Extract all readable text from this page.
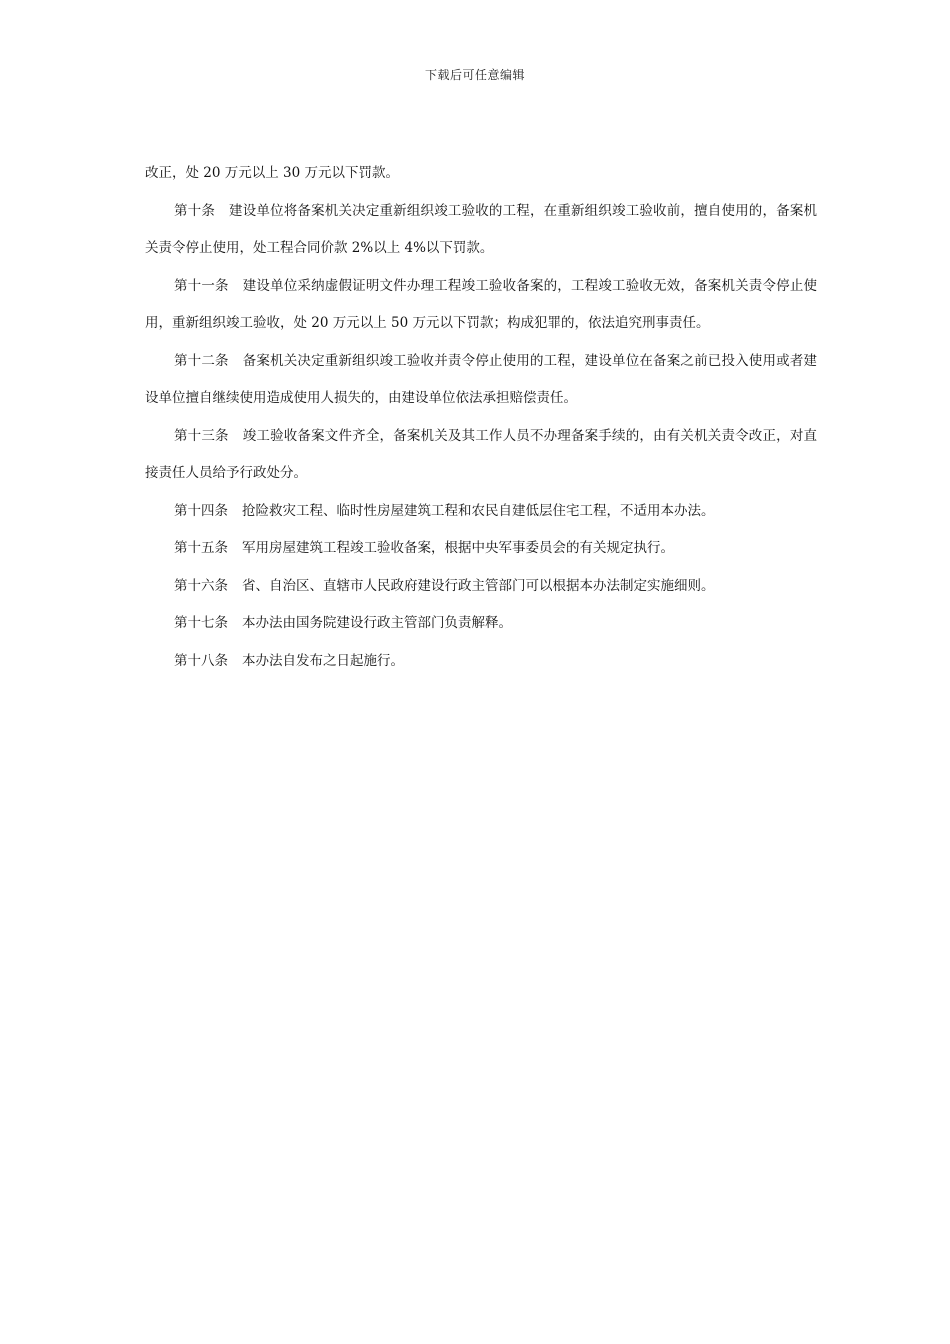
下载后可任意编辑

改正，处 20 万元以上 30 万元以下罚款。

第十条 建设单位将备案机关决定重新组织竣工验收的工程，在重新组织竣工验收前，擅自使用的，备案机关责令停止使用，处工程合同价款 2%以上 4%以下罚款。

第十一条 建设单位采纳虚假证明文件办理工程竣工验收备案的，工程竣工验收无效，备案机关责令停止使用，重新组织竣工验收，处 20 万元以上 50 万元以下罚款；构成犯罪的，依法追究刑事责任。

第十二条 备案机关决定重新组织竣工验收并责令停止使用的工程，建设单位在备案之前已投入使用或者建设单位擅自继续使用造成使用人损失的，由建设单位依法承担赔偿责任。

第十三条 竣工验收备案文件齐全，备案机关及其工作人员不办理备案手续的，由有关机关责令改正，对直接责任人员给予行政处分。

第十四条 抢险救灾工程、临时性房屋建筑工程和农民自建低层住宅工程，不适用本办法。

第十五条 军用房屋建筑工程竣工验收备案，根据中央军事委员会的有关规定执行。

第十六条 省、自治区、直辖市人民政府建设行政主管部门可以根据本办法制定实施细则。

第十七条 本办法由国务院建设行政主管部门负责解释。

第十八条 本办法自发布之日起施行。
